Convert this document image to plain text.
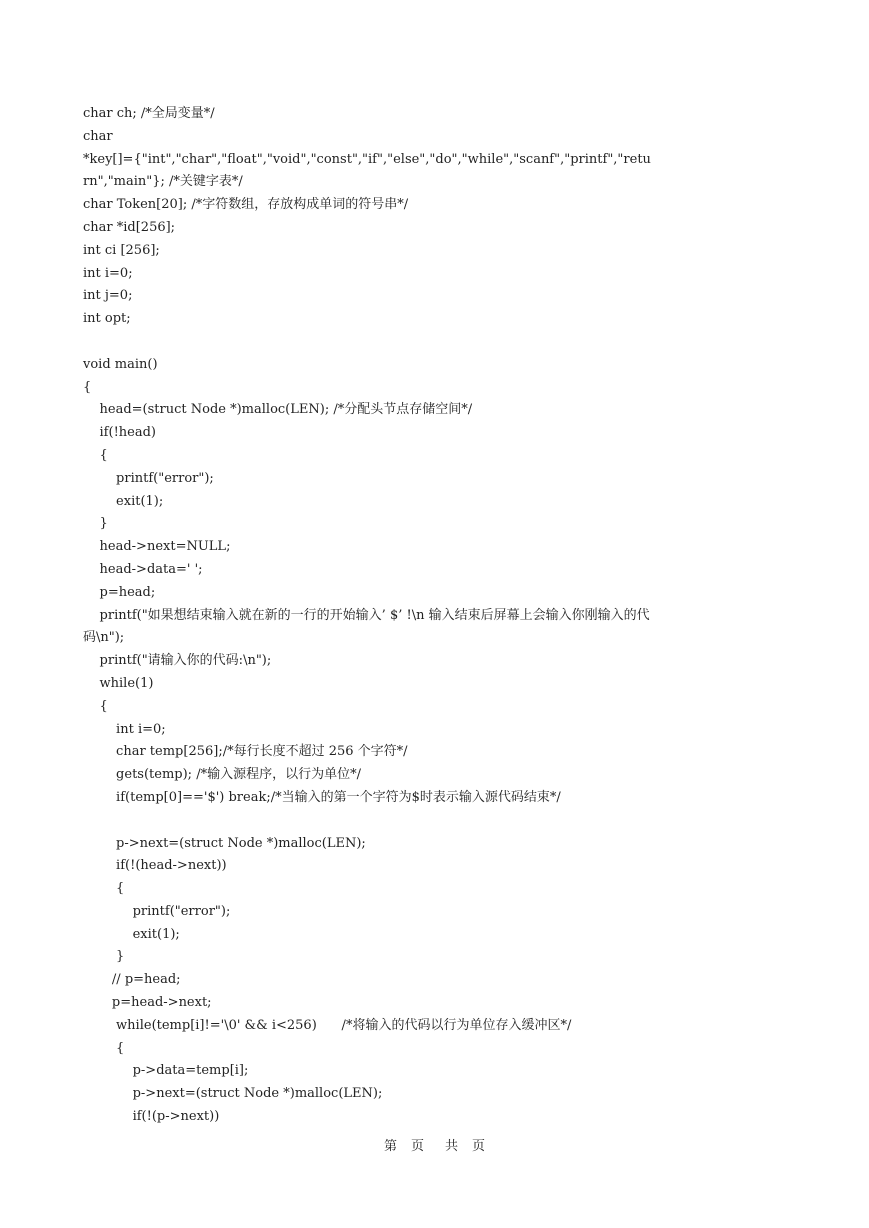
char ch; /*全局变量*/
char
*key[]={"int","char","float","void","const","if","else","do","while","scanf","printf","retu
rn","main"}; /*关键字表*/
char Token[20]; /*字符数组，存放构成单词的符号串*/
char *id[256];
int ci [256];
int i=0;
int j=0;
int opt;
void main()
{
head=(struct Node *)malloc(LEN); /*分配头节点存储空间*/
if(!head)
{
printf("error");
exit(1);
}
head->next=NULL;
head->data=' ';
p=head;
printf("如果想结束输入就在新的一行的开始输入’ $’ !\n 输入结束后屏幕上会输入你刚输入的代
码\n");
printf("请输入你的代码:\n");
while(1)
{
int i=0;
char temp[256];/*每行长度不超过 256 个字符*/
gets(temp); /*输入源程序，以行为单位*/
if(temp[0]=='$') break;/*当输入的第一个字符为$时表示输入源代码结束*/
p->next=(struct Node *)malloc(LEN);
if(!(head->next))
{
printf("error");
exit(1);
}
// p=head;
p=head->next;
while(temp[i]!='\0' && i<256)      /*将输入的代码以行为单位存入缓冲区*/
{
p->data=temp[i];
p->next=(struct Node *)malloc(LEN);
if(!(p->next))
第 页 共 页
